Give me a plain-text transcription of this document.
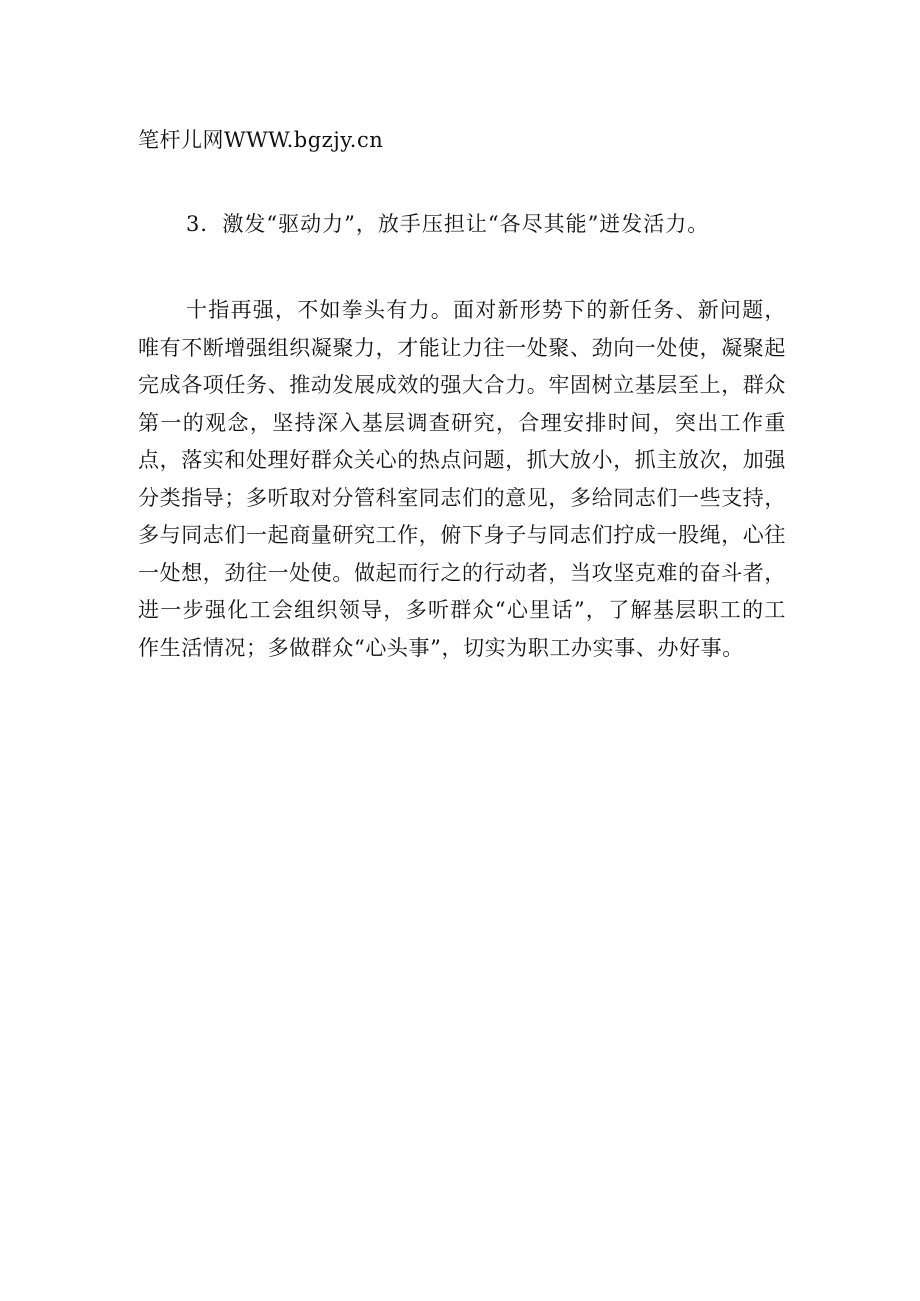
笔杆儿网WWW.bgzjy.cn
3．激发“驱动力”，放手压担让“各尽其能”迸发活力。

十指再强，不如拳头有力。面对新形势下的新任务、新问题，唯有不断增强组织凝聚力，才能让力往一处聚、劲向一处使，凝聚起完成各项任务、推动发展成效的强大合力。牢固树立基层至上，群众第一的观念，坚持深入基层调查研究，合理安排时间，突出工作重点，落实和处理好群众关心的热点问题，抓大放小，抓主放次，加强分类指导；多听取对分管科室同志们的意见，多给同志们一些支持，多与同志们一起商量研究工作，俯下身子与同志们拧成一股绳，心往一处想，劲往一处使。做起而行之的行动者，当攻坚克难的奋斗者，进一步强化工会组织领导，多听群众“心里话”，了解基层职工的工作生活情况；多做群众“心头事”，切实为职工办实事、办好事。
